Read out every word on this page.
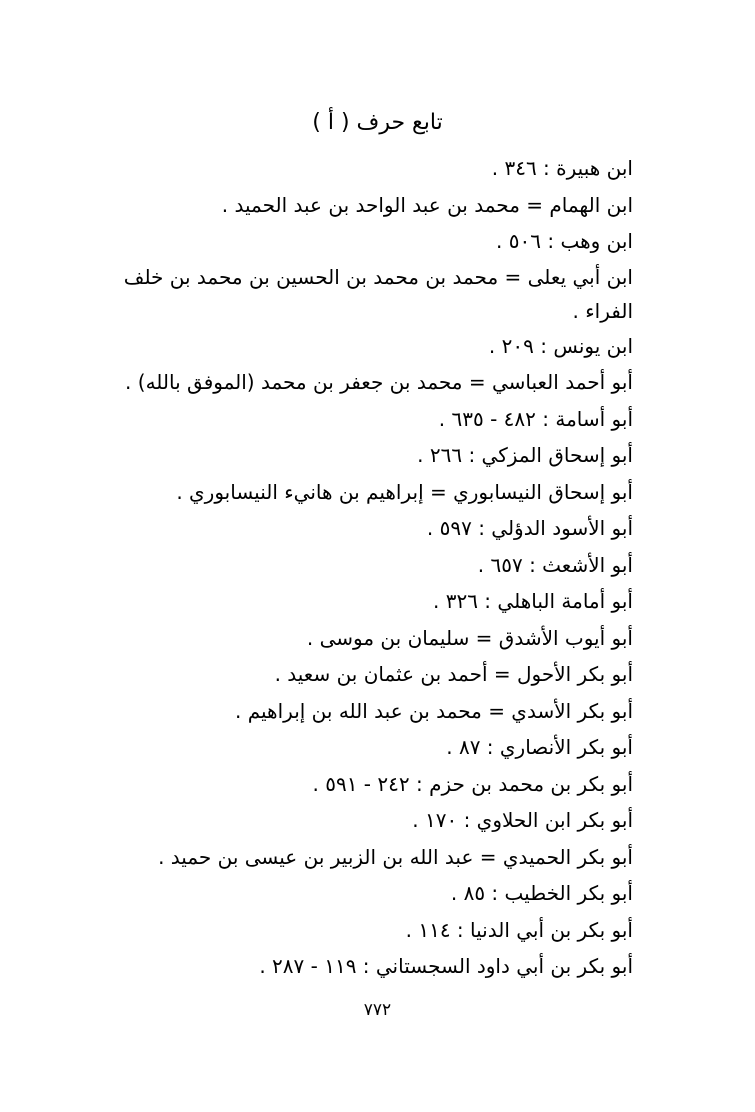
تابع حرف ( أ )
ابن هبيرة : ٣٤٦ .
ابن الهمام = محمد بن عبد الواحد بن عبد الحميد .
ابن وهب : ٥٠٦ .
ابن أبي يعلى = محمد بن محمد بن الحسين بن محمد بن خلف الفراء .
ابن يونس : ٢٠٩ .
أبو أحمد العباسي = محمد بن جعفر بن محمد (الموفق بالله) .
أبو أسامة : ٤٨٢ - ٦٣٥ .
أبو إسحاق المزكي : ٢٦٦ .
أبو إسحاق النيسابوري = إبراهيم بن هانيء النيسابوري .
أبو الأسود الدؤلي : ٥٩٧ .
أبو الأشعث : ٦٥٧ .
أبو أمامة الباهلي : ٣٢٦ .
أبو أيوب الأشدق = سليمان بن موسى .
أبو بكر الأحول = أحمد بن عثمان بن سعيد .
أبو بكر الأسدي = محمد بن عبد الله بن إبراهيم .
أبو بكر الأنصاري : ٨٧ .
أبو بكر بن محمد بن حزم : ٢٤٢ - ٥٩١ .
أبو بكر ابن الحلاوي : ١٧٠ .
أبو بكر الحميدي = عبد الله بن الزبير بن عيسى بن حميد .
أبو بكر الخطيب : ٨٥ .
أبو بكر بن أبي الدنيا : ١١٤ .
أبو بكر بن أبي داود السجستاني : ١١٩ - ٢٨٧ .
٧٧٢
